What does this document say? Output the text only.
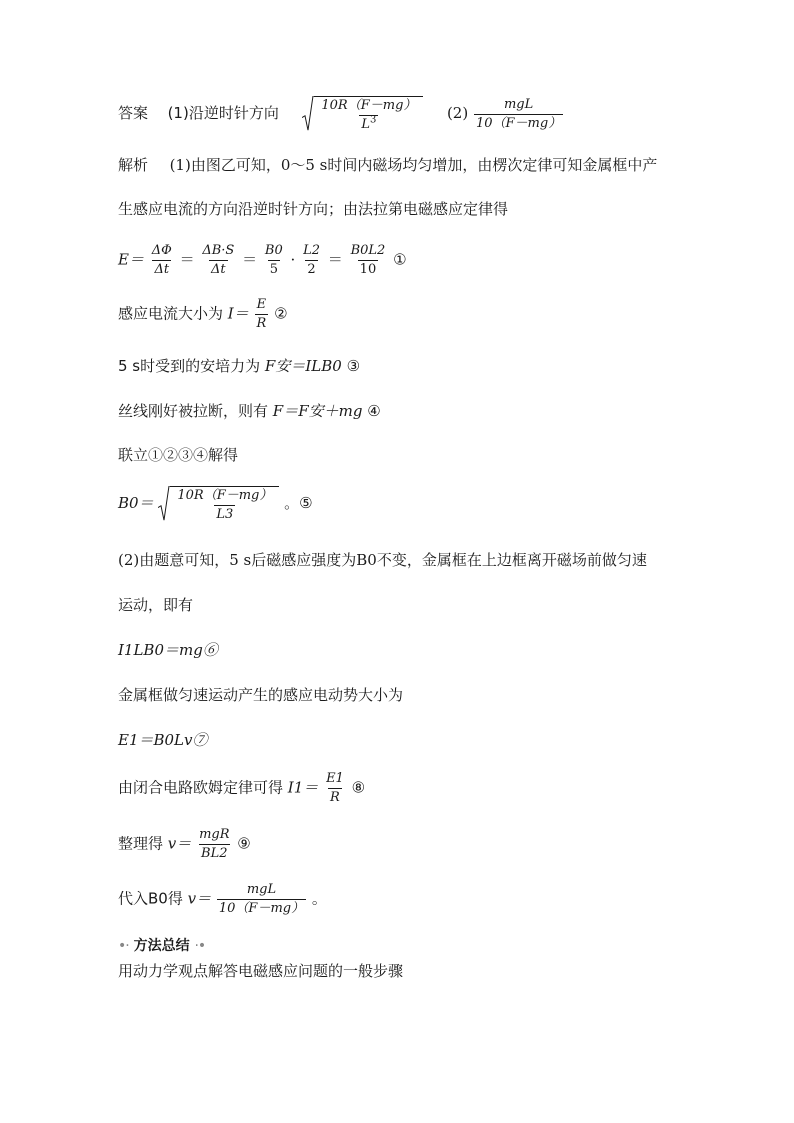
答案 (1)沿逆时针方向	$\frac{10R(F-mg)}{L^3} (2) \frac{\text{mgL}}{10(F-mg)}$
解析 (1)由图乙可知，0～5 s时间内磁场均匀增加，由楞次定律可知金属框中产
生感应电流的方向沿逆时针方向；由法拉第电磁感应定律得
$E= \frac{\Delta\Phi}{\Delta t} = \frac{\Delta B\cdot S}{\Delta t} = \frac{B0}{5} \cdot \frac{L2}{2} = \frac{B0L2}{10}$ ①
感应电流大小为 $I= \frac{E}{R}$ ②
5 s时受到的安培力为 F安＝ILB0 ③
丝线刚好被拉断，则有 F＝F安＋mg ④
联立①②③④解得
$B0= \frac{10R(F-mg)}{L3}$ 。⑤
(2)由题意可知，5 s后磁感应强度为B0不变，金属框在上边框离开磁场前做匀速
运动，即有
I1LB0＝mg⑥
金属框做匀速运动产生的感应电动势大小为
E1＝B0Lv⑦
由闭合电路欧姆定律可得 $I1= \frac{E1}{R}$ ⑧
整理得 $v= \frac{\text{mgR}}{BL2}$ ⑨
代入B0得 $v= \frac{\text{mgL}}{10(F-mg)}$ 。
•· 方法总结 ·•
用动力学观点解答电磁感应问题的一般步骤
